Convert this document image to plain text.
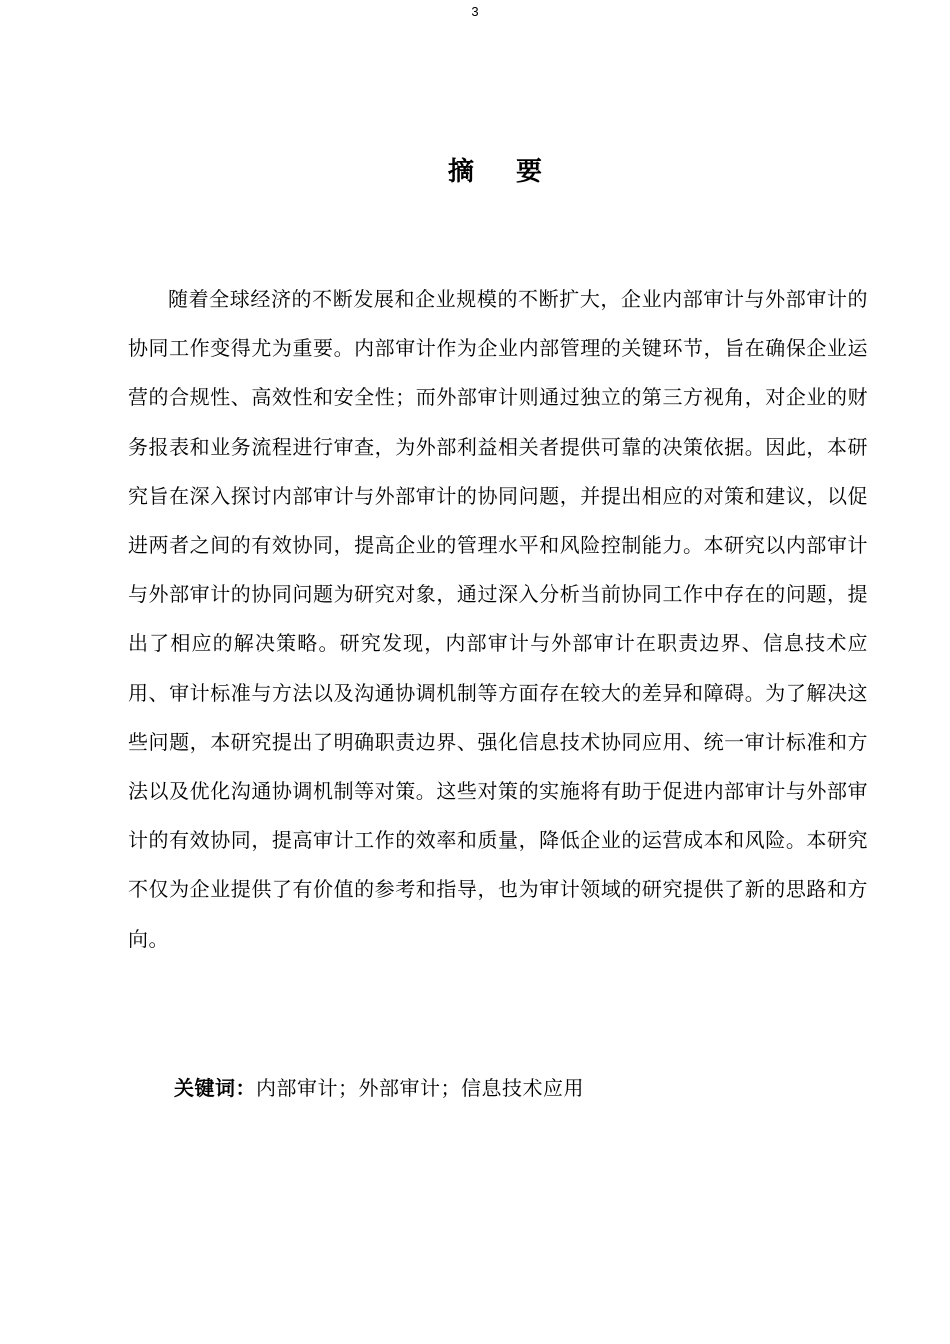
3
摘 要

随着全球经济的不断发展和企业规模的不断扩大，企业内部审计与外部审计的协同工作变得尤为重要。内部审计作为企业内部管理的关键环节，旨在确保企业运营的合规性、高效性和安全性；而外部审计则通过独立的第三方视角，对企业的财务报表和业务流程进行审查，为外部利益相关者提供可靠的决策依据。因此，本研究旨在深入探讨内部审计与外部审计的协同问题，并提出相应的对策和建议，以促进两者之间的有效协同，提高企业的管理水平和风险控制能力。本研究以内部审计与外部审计的协同问题为研究对象，通过深入分析当前协同工作中存在的问题，提出了相应的解决策略。研究发现，内部审计与外部审计在职责边界、信息技术应用、审计标准与方法以及沟通协调机制等方面存在较大的差异和障碍。为了解决这些问题，本研究提出了明确职责边界、强化信息技术协同应用、统一审计标准和方法以及优化沟通协调机制等对策。这些对策的实施将有助于促进内部审计与外部审计的有效协同，提高审计工作的效率和质量，降低企业的运营成本和风险。本研究不仅为企业提供了有价值的参考和指导，也为审计领域的研究提供了新的思路和方向。

关键词：内部审计；外部审计；信息技术应用
